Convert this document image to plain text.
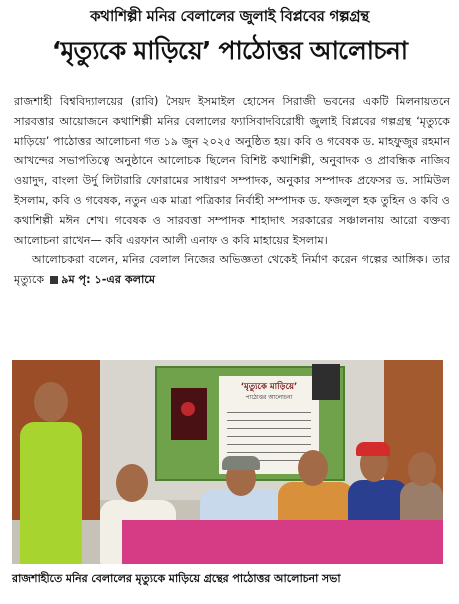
কথাশিল্পী মনির বেলালের জুলাই বিপ্লবের গল্পগ্রন্থ
‘মৃত্যুকে মাড়িয়ে’ পাঠোত্তর আলোচনা

রাজশাহী বিশ্ববিদ্যালয়ের (রাবি) সৈয়দ ইসমাইল হোসেন সিরাজী ভবনের একটি মিলনায়তনে সারবত্তার আয়োজনে কথাশিল্পী মনির বেলালের ফ্যাসিবাদবিরোধী জুলাই বিপ্লবের গল্পগ্রন্থ ‘মৃত্যুকে মাড়িয়ে’ পাঠোত্তর আলোচনা গত ১৯ জুন ২০২৫ অনুষ্ঠিত হয়। কবি ও গবেষক ড. মাহফুজুর রহমান আখন্দের সভাপতিত্বে অনুষ্ঠানে আলোচক ছিলেন বিশিষ্ট কথাশিল্পী, অনুবাদক ও প্রাবন্ধিক নাজিব ওয়াদুদ, বাংলা উর্দু লিটারারি ফোরামের সাধারণ সম্পাদক, অনুকার সম্পাদক প্রফেসর ড. সামিউল ইসলাম, কবি ও গবেষক, নতুন এক মাত্রা পত্রিকার নির্বাহী সম্পাদক ড. ফজলুল হক তুহিন ও কবি ও কথাশিল্পী মঈন শেখ। গবেষক ও সারবত্তা সম্পাদক শাহাদাৎ সরকারের সঞ্চালনায় আরো বক্তব্য আলোচনা রাখেন— কবি এরফান আলী এনাফ ও কবি মাহায়ের ইসলাম।

আলোচকরা বলেন, মনির বেলাল নিজের অভিজ্ঞতা থেকেই নির্মাণ করেন গল্পের আঙ্গিক। তার মৃত্যুকে ৯ম পৃ: ১-এর কলামে

‘মৃত্যুকে মাড়িয়ে’
পাঠোত্তর আলোচনা
রাজশাহীতে মনির বেলালের মৃত্যুকে মাড়িয়ে গ্রন্থের পাঠোত্তর আলোচনা সভা
